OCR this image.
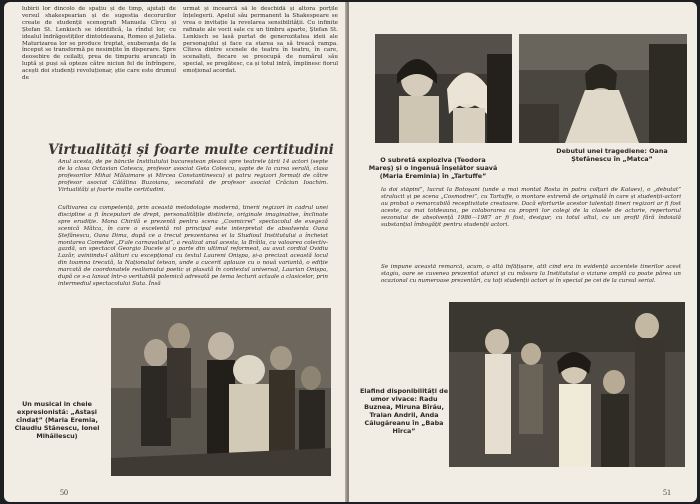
lubirii lor dincolo de spațiu și de timp, ajutați de versul shakespearian și de sugestia decorurilor create de studenții scenografi Manuela Cîrcu și Ștefan St. Lenkisch se identifică, la rîndul lor, cu idealul îndrăgostiților dintotdeauna, Romeo și Julieta. Maturizarea lor se produce treptat, exuberanța de la început se transformă pe nesimțite în disperare. Spre deosebire de ceilalți, prea de timpuriu aruncați în luptă și puși să opteze către niciun fel de înfrîngere, acești doi studenți revoluționar, știe care este drumul de
urmat și încearcă să le deschidă și altora porțile înțelegerii. Apelul său permanent la Shakespeare se vrea o invitație la revelarea sensibilității. Cu infinite rafinate ale vocii sale cu un timbru aparte, Ștefan St. Lenkisch se lasă purtat de generozitatea ideii ale personajului și face ca starea sa să treacă rampa. Cîteva dintre scenele de teatru în teatru, în care, scenaliști, fiecare se preocupă de numărul său special, se pregătesc, ca și totul intră, împlinesc fiorul emoțional acordat.
Virtualități și foarte multe certitudini
Anul acesta, de pe băncile Institutului bucureștean pleacă spre teatrele țării 14 actori (septe de la clasa Octavian Cotescu, profesor asociat Geta Colescu, șapte de la cursa serală, clasa profesorilor Mihai Mălaimare și Mircea Constantinescu) și patru regizori formați de către profesor asociat Cătălina Buzoianu, secondată de profesor asociat Crăciun Ioachim. Virtualități și foarte multe certitudini.
Cultivarea cu competență, prin această metodologie modernă, tinerii regizori în cadrul unei discipline a fi începutori de drept, personalitățile distincte, originale imaginative, înclinate spre erudiție. Mona Chirilă e prezentă pentru scena „Cosmicrei” spectacolul de exegeză scenică Mătca, în care o excelentă rol principal este interpretat de absolventa Oana Ștefănescu, Oana Dima, după ce a trecut prezentarea ei la Studioul Institutului a încheiat montarea Comediei „D'ale carnavalului”, a realizat anul acesta, la Brăila, cu valoarea colectiv-gazdă, un spectacol Georgio Ducele și o parte din ultimul reformeat, au avut cordial Ovidiu Lazăr, aviniindu-l alături cu excepțional cu textul Laureni Onișpa, și-a precizat această locul din toamna trecută, la Naționalul tetean, unde a cucerit aplauze cu o nouă variantă, o ediție marcată de coordonatele realismului poetic și plasată în contextul universal, Laurian Onișpa, după ce s-a lansat într-o veritabilă polemică adresată pe tema lecturii actuale a clasicelor, prin intermediul spectacolului Suta. Însă
Un musical in cheie expresionistă: „Astași cîndaț” (Maria Eremia, Claudiu Stănescu, Ionel Mihăilescu)
50
O subretă exploziva (Teodora Mareș) și o ingenuă înșelător suavă (Maria Ereminia) în „Tartuffe”
Debutul unei tragediene: Oana Ștefănescu în „Matca”
la doi stăpîni”, lucrat la Botoșani (unde a mai montat Rosta în patru colțuri de Kataev), o „debutat” stralucit și pe scena „Cosmodrei”, cu Tartuffe, o montare extremă de originală în care și studenții-actori au probat o remarcabilă receptivitate creatoare. Dacă eforturile acestor talentați tineri regizori ar fi fost aceste, ca mai totdeauna, pe colaborarea cu proprii lor colegi de la clasele de actorie, repertoriul sezonului de absolvență 1986—1987 ar fi fost, desigur, cu totul altul, cu un profil fără îndoială substanțial îmbogățit pentru studenții actori.
Se impune această remarcă, acum, o altă înfățișare, atît cînd era în evidență accentele tinerilor acest stagiu, oare se cuvenea prezentat atunci și cu măsura la Institutului o viziune amplă ca poate părea un ocazional cu numeroase prezentări, cu toți studenții actori și în special pe cei de la cursul serial.
Elafind disponibilități de umor vivace: Radu Buznea, Miruna Bîrău, Traian Andrii, Anda Călugăreanu în „Baba Hîrca”
51
